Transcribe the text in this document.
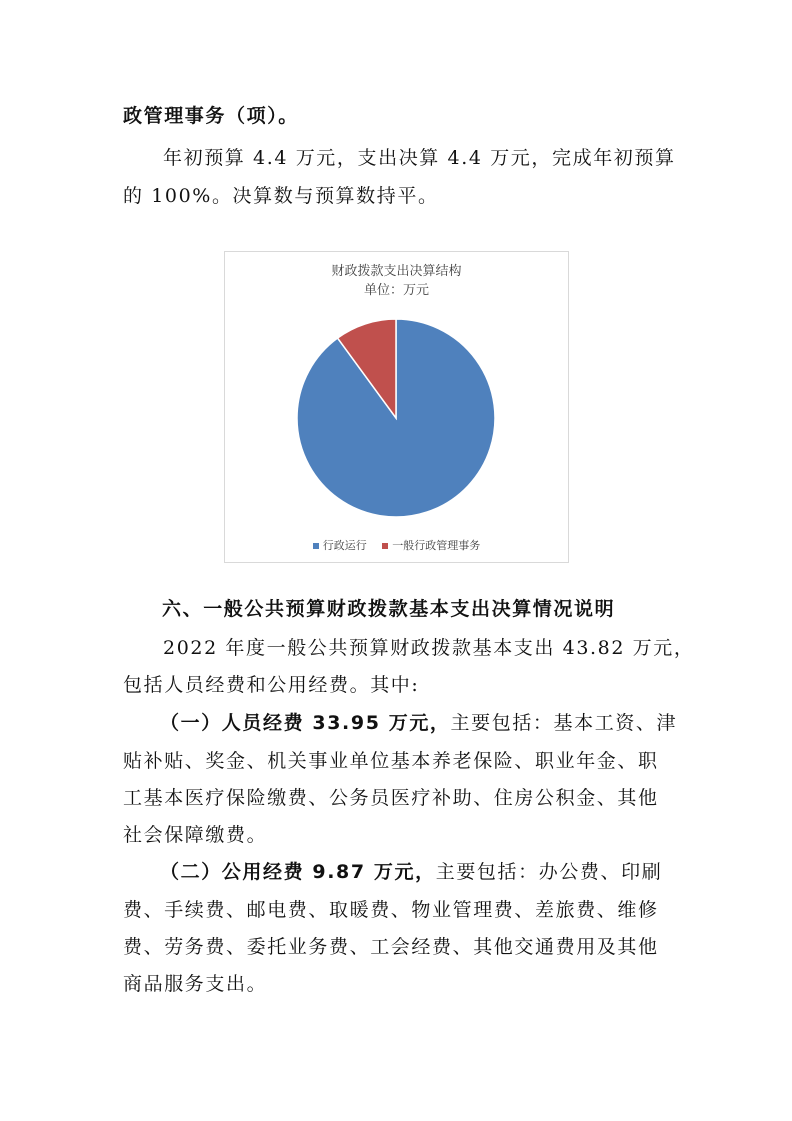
政管理事务（项）。
年初预算 4.4 万元，支出决算 4.4 万元，完成年初预算
的 100%。决算数与预算数持平。
财政拨款支出决算结构
单位：万元
行政运行 一般行政管理事务
六、一般公共预算财政拨款基本支出决算情况说明
2022 年度一般公共预算财政拨款基本支出 43.82 万元，
包括人员经费和公用经费。其中:
（一）人员经费 33.95 万元，主要包括：基本工资、津
贴补贴、奖金、机关事业单位基本养老保险、职业年金、职
工基本医疗保险缴费、公务员医疗补助、住房公积金、其他
社会保障缴费。
（二）公用经费 9.87 万元，主要包括：办公费、印刷
费、手续费、邮电费、取暖费、物业管理费、差旅费、维修
费、劳务费、委托业务费、工会经费、其他交通费用及其他
商品服务支出。
